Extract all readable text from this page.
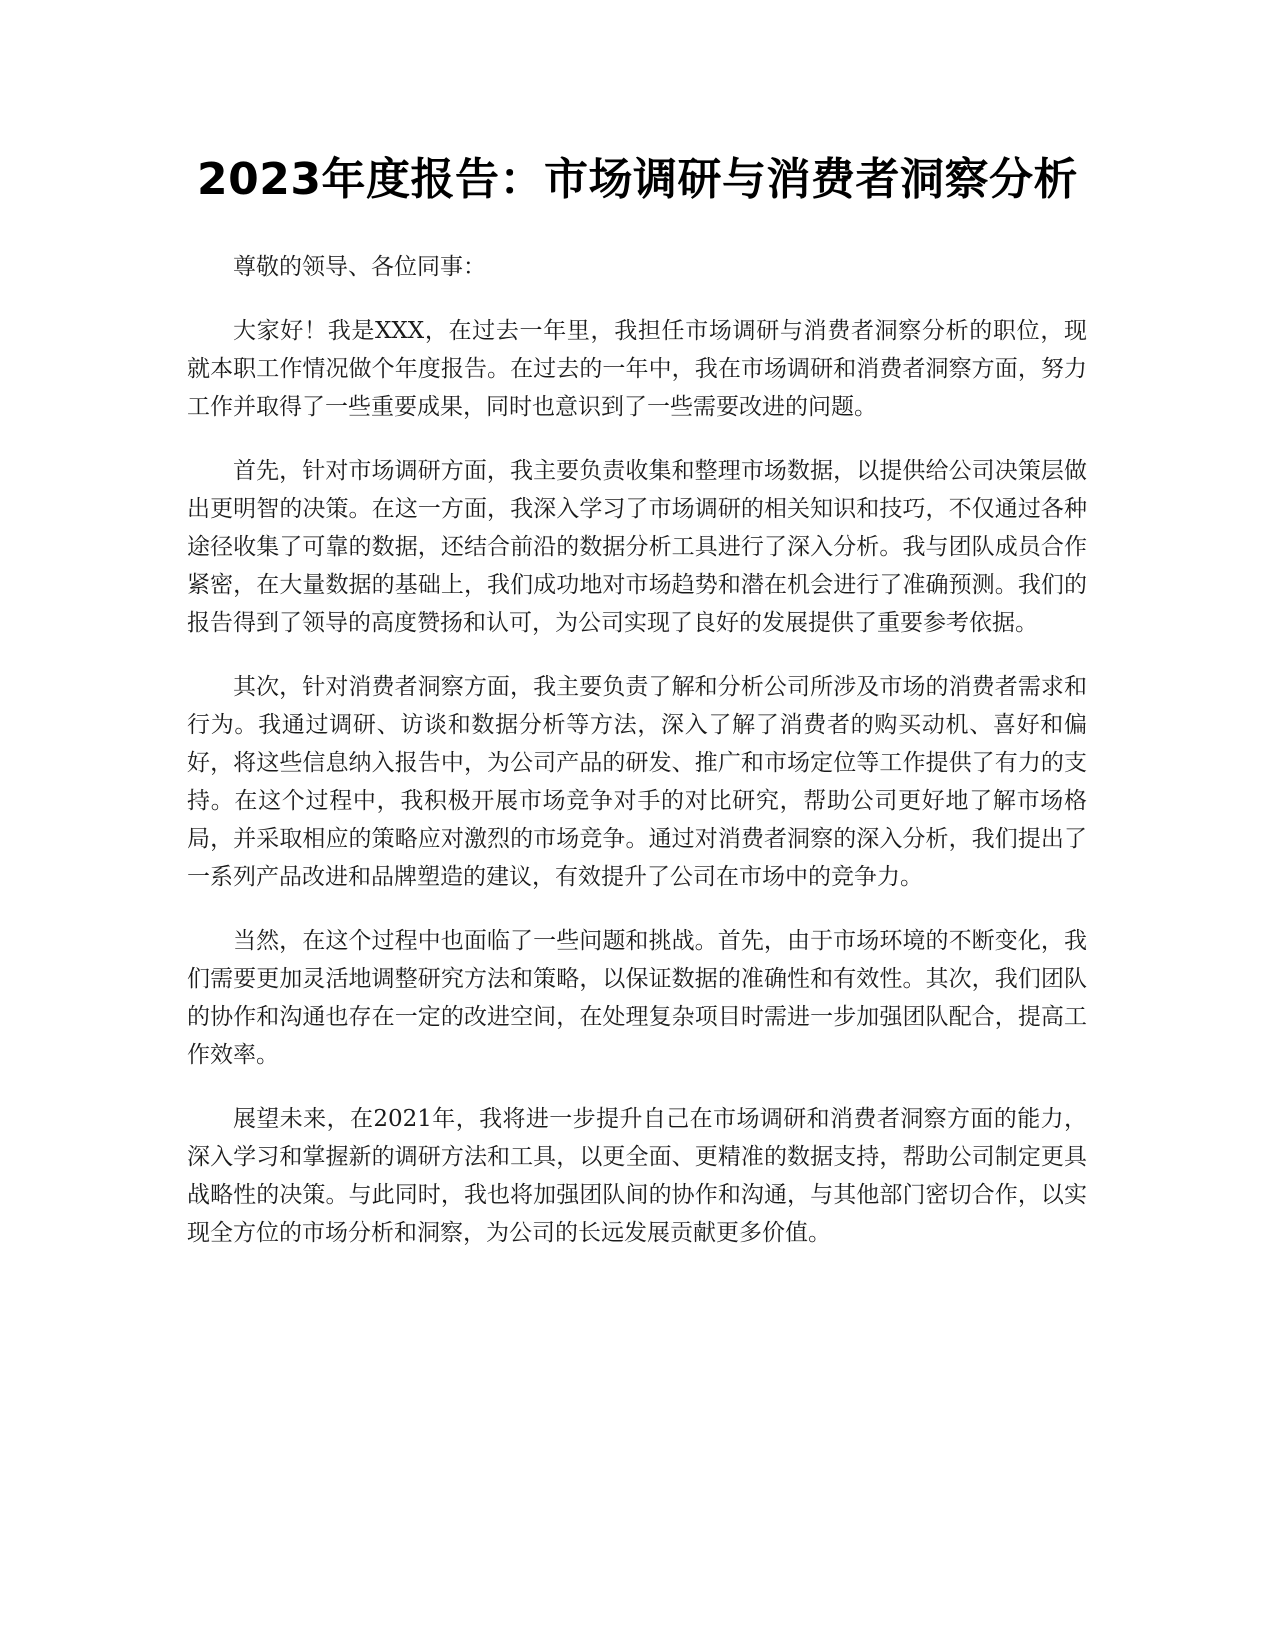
2023年度报告：市场调研与消费者洞察分析

尊敬的领导、各位同事：

大家好！我是XXX，在过去一年里，我担任市场调研与消费者洞察分析的职位，现就本职工作情况做个年度报告。在过去的一年中，我在市场调研和消费者洞察方面，努力工作并取得了一些重要成果，同时也意识到了一些需要改进的问题。

首先，针对市场调研方面，我主要负责收集和整理市场数据，以提供给公司决策层做出更明智的决策。在这一方面，我深入学习了市场调研的相关知识和技巧，不仅通过各种途径收集了可靠的数据，还结合前沿的数据分析工具进行了深入分析。我与团队成员合作紧密，在大量数据的基础上，我们成功地对市场趋势和潜在机会进行了准确预测。我们的报告得到了领导的高度赞扬和认可，为公司实现了良好的发展提供了重要参考依据。

其次，针对消费者洞察方面，我主要负责了解和分析公司所涉及市场的消费者需求和行为。我通过调研、访谈和数据分析等方法，深入了解了消费者的购买动机、喜好和偏好，将这些信息纳入报告中，为公司产品的研发、推广和市场定位等工作提供了有力的支持。在这个过程中，我积极开展市场竞争对手的对比研究，帮助公司更好地了解市场格局，并采取相应的策略应对激烈的市场竞争。通过对消费者洞察的深入分析，我们提出了一系列产品改进和品牌塑造的建议，有效提升了公司在市场中的竞争力。

当然，在这个过程中也面临了一些问题和挑战。首先，由于市场环境的不断变化，我们需要更加灵活地调整研究方法和策略，以保证数据的准确性和有效性。其次，我们团队的协作和沟通也存在一定的改进空间，在处理复杂项目时需进一步加强团队配合，提高工作效率。

展望未来，在2021年，我将进一步提升自己在市场调研和消费者洞察方面的能力，深入学习和掌握新的调研方法和工具，以更全面、更精准的数据支持，帮助公司制定更具战略性的决策。与此同时，我也将加强团队间的协作和沟通，与其他部门密切合作，以实现全方位的市场分析和洞察，为公司的长远发展贡献更多价值。
